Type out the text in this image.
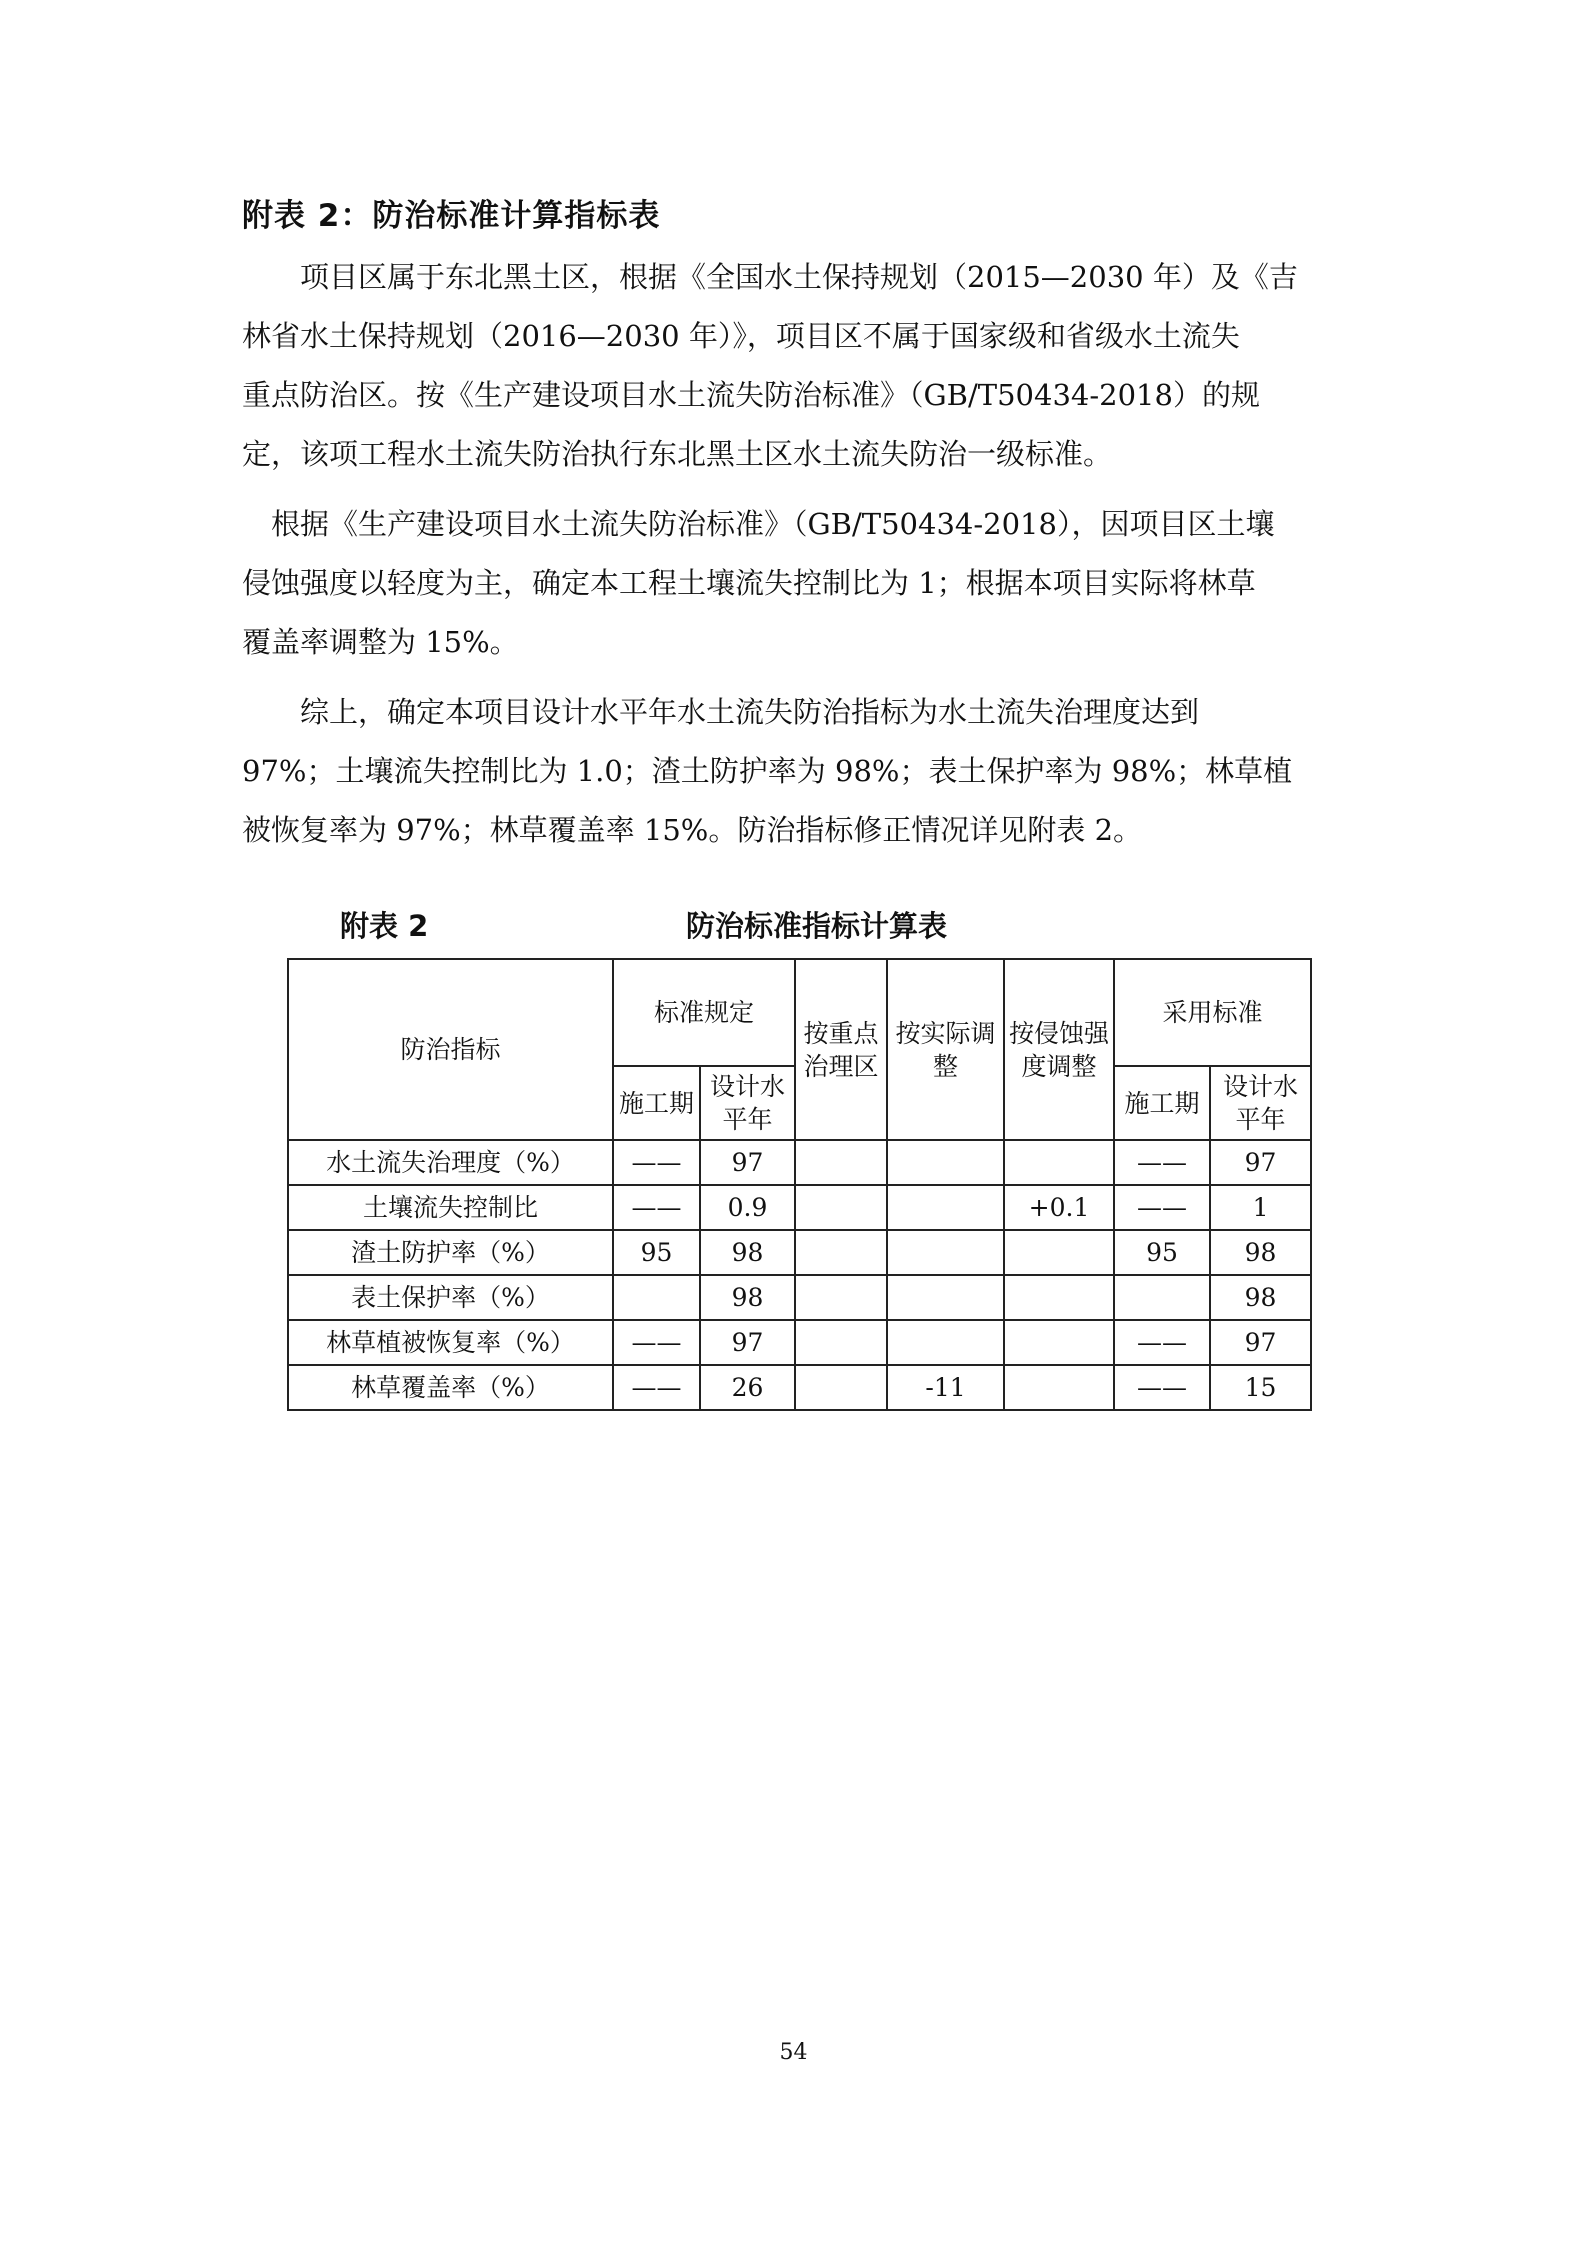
附表 2：防治标准计算指标表
　　项目区属于东北黑土区，根据《全国水土保持规划（2015—2030 年）及《吉
林省水土保持规划（2016—2030 年）》，项目区不属于国家级和省级水土流失
重点防治区。按《生产建设项目水土流失防治标准》（GB/T50434-2018）的规
定，该项工程水土流失防治执行东北黑土区水土流失防治一级标准。
　根据《生产建设项目水土流失防治标准》（GB/T50434-2018），因项目区土壤
侵蚀强度以轻度为主，确定本工程土壤流失控制比为 1；根据本项目实际将林草
覆盖率调整为 15%。
　　综上，确定本项目设计水平年水土流失防治指标为水土流失治理度达到
97%；土壤流失控制比为 1.0；渣土防护率为 98%；表土保护率为 98%；林草植
被恢复率为 97%；林草覆盖率 15%。防治指标修正情况详见附表 2。
附表 2	防治标准指标计算表
防治指标	标准规定		按重点治理区	按实际调整	按侵蚀强度调整	采用标准	
	施工期	设计水平年				施工期	设计水平年
水土流失治理度（%）	——	97				——	97
土壤流失控制比	——	0.9			+0.1	——	1
渣土防护率（%）	95	98				95	98
表土保护率（%）		98					98
林草植被恢复率（%）	——	97				——	97
林草覆盖率（%）	——	26		-11		——	15
54
